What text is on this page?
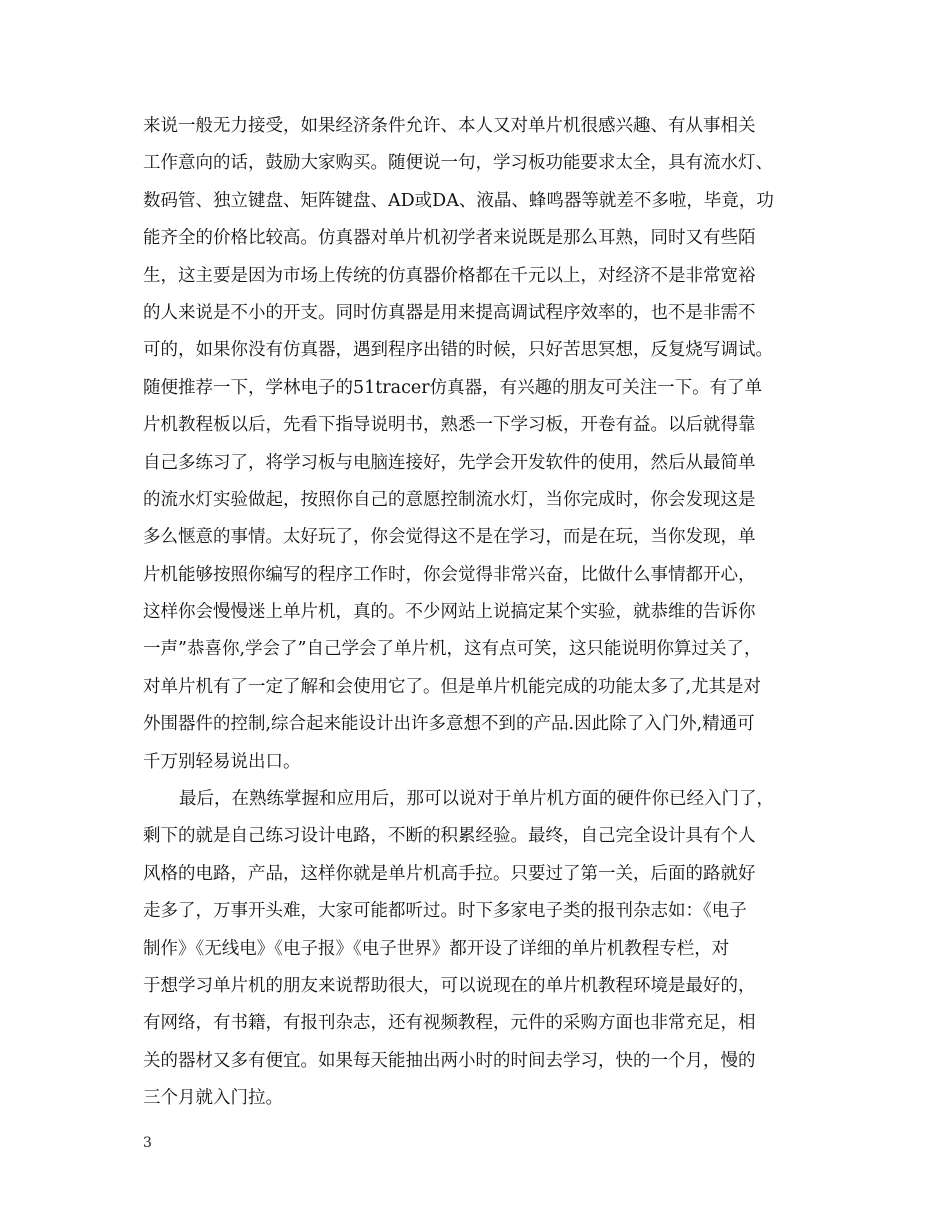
来说一般无力接受，如果经济条件允许、本人又对单片机很感兴趣、有从事相关
工作意向的话，鼓励大家购买。随便说一句，学习板功能要求太全，具有流水灯、
数码管、独立键盘、矩阵键盘、AD或DA、液晶、蜂鸣器等就差不多啦，毕竟，功
能齐全的价格比较高。仿真器对单片机初学者来说既是那么耳熟，同时又有些陌
生，这主要是因为市场上传统的仿真器价格都在千元以上，对经济不是非常宽裕
的人来说是不小的开支。同时仿真器是用来提高调试程序效率的，也不是非需不
可的，如果你没有仿真器，遇到程序出错的时候，只好苦思冥想，反复烧写调试。
随便推荐一下，学林电子的51tracer仿真器，有兴趣的朋友可关注一下。有了单
片机教程板以后，先看下指导说明书，熟悉一下学习板，开卷有益。以后就得靠
自己多练习了，将学习板与电脑连接好，先学会开发软件的使用，然后从最简单
的流水灯实验做起，按照你自己的意愿控制流水灯，当你完成时，你会发现这是
多么惬意的事情。太好玩了，你会觉得这不是在学习，而是在玩，当你发现，单
片机能够按照你编写的程序工作时，你会觉得非常兴奋，比做什么事情都开心，
这样你会慢慢迷上单片机，真的。不少网站上说搞定某个实验，就恭维的告诉你
一声”恭喜你,学会了”自己学会了单片机，这有点可笑，这只能说明你算过关了，
对单片机有了一定了解和会使用它了。但是单片机能完成的功能太多了,尤其是对
外围器件的控制,综合起来能设计出许多意想不到的产品.因此除了入门外,精通可
千万别轻易说出口。
最后，在熟练掌握和应用后，那可以说对于单片机方面的硬件你已经入门了，
剩下的就是自己练习设计电路，不断的积累经验。最终，自己完全设计具有个人
风格的电路，产品，这样你就是单片机高手拉。只要过了第一关，后面的路就好
走多了，万事开头难，大家可能都听过。时下多家电子类的报刊杂志如：《电子
制作》《无线电》《电子报》《电子世界》都开设了详细的单片机教程专栏，对
于想学习单片机的朋友来说帮助很大，可以说现在的单片机教程环境是最好的，
有网络，有书籍，有报刊杂志，还有视频教程，元件的采购方面也非常充足，相
关的器材又多有便宜。如果每天能抽出两小时的时间去学习，快的一个月，慢的
三个月就入门拉。
3
